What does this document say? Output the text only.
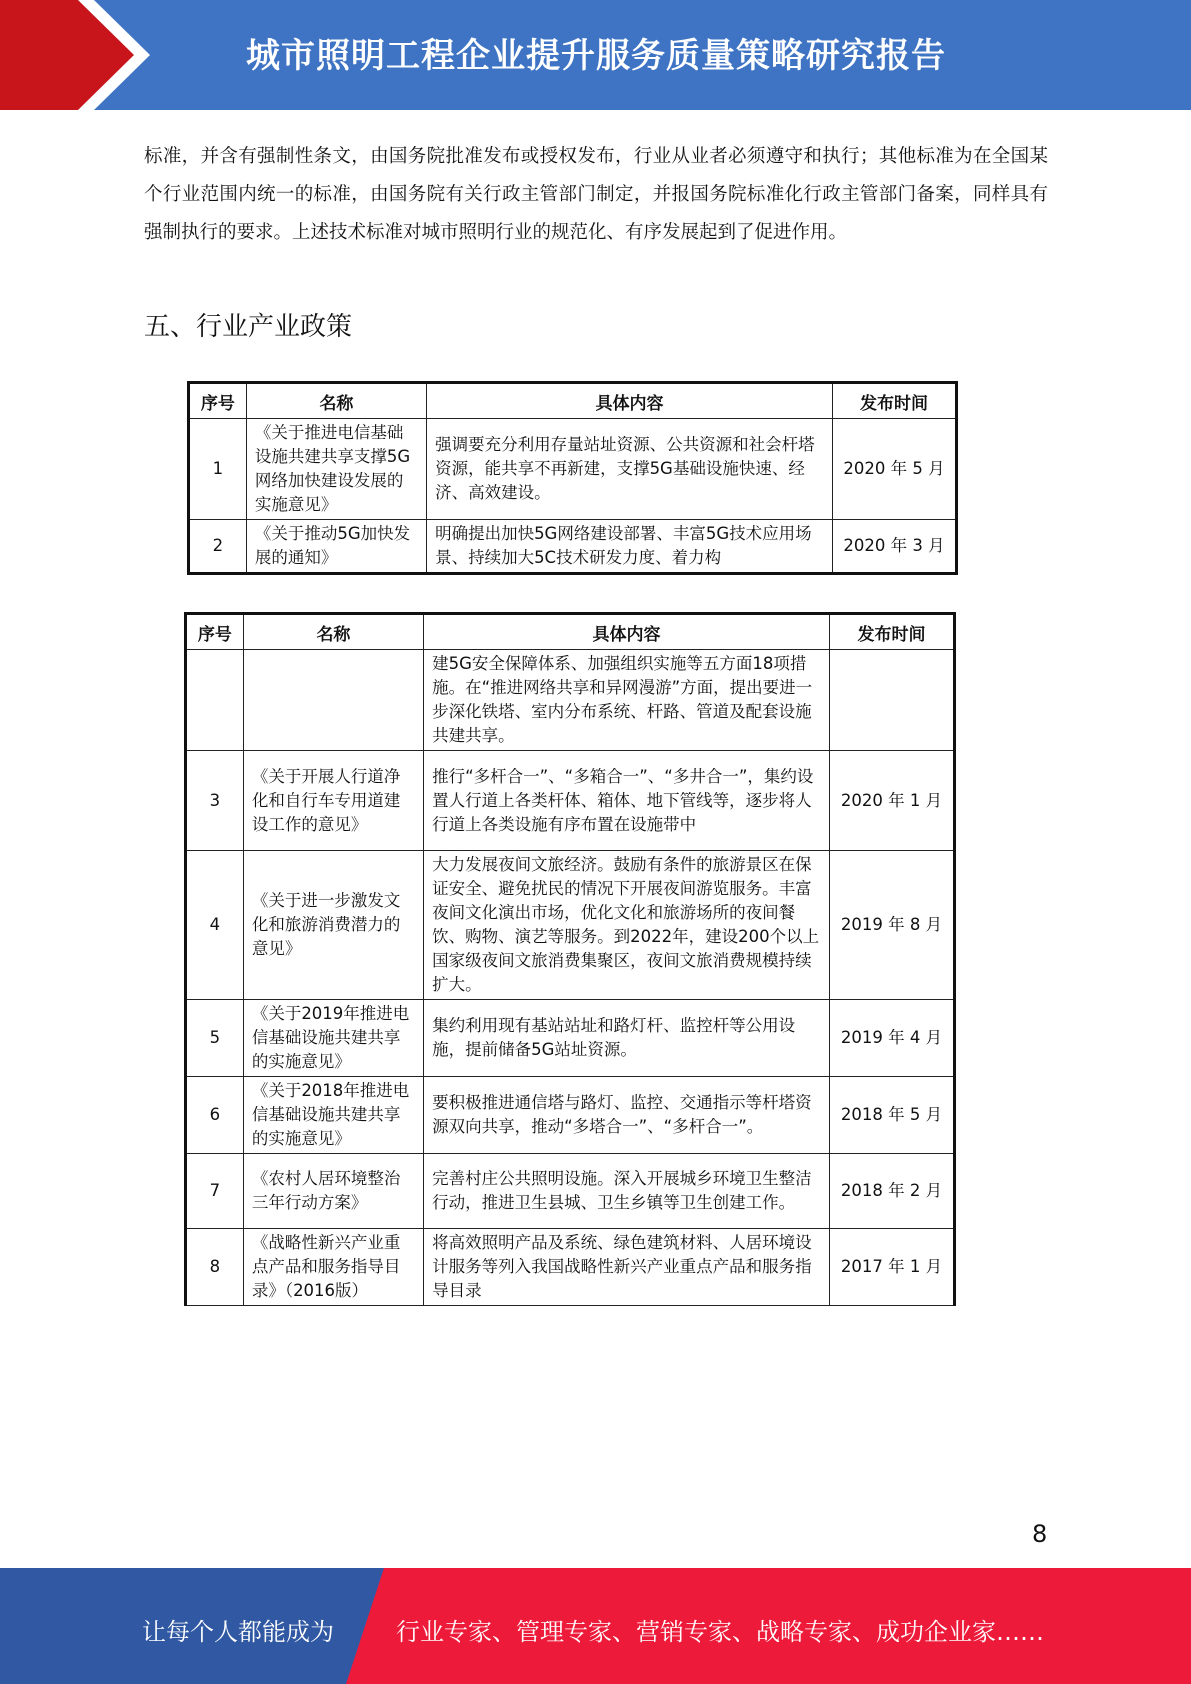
城市照明工程企业提升服务质量策略研究报告

标准，并含有强制性条文，由国务院批准发布或授权发布，行业从业者必须遵守和执行；其他标准为在全国某个行业范围内统一的标准，由国务院有关行政主管部门制定，并报国务院标准化行政主管部门备案，同样具有强制执行的要求。上述技术标准对城市照明行业的规范化、有序发展起到了促进作用。

五、行业产业政策
序号	名称	具体内容	发布时间
1	《关于推进电信基础设施共建共享支撑5G网络加快建设发展的实施意见》	强调要充分利用存量站址资源、公共资源和社会杆塔资源，能共享不再新建，支撑5G基础设施快速、经济、高效建设。	2020 年 5 月
2	《关于推动5G加快发展的通知》	明确提出加快5G网络建设部署、丰富5G技术应用场景、持续加大5C技术研发力度、着力构	2020 年 3 月
序号	名称	具体内容	发布时间
		建5G安全保障体系、加强组织实施等五方面18项措施。在“推进网络共享和异网漫游”方面，提出要进一步深化铁塔、室内分布系统、杆路、管道及配套设施共建共享。	
3	《关于开展人行道净化和自行车专用道建设工作的意见》	推行“多杆合一”、“多箱合一”、“多井合一”，集约设置人行道上各类杆体、箱体、地下管线等，逐步将人行道上各类设施有序布置在设施带中	2020 年 1 月
4	《关于进一步激发文化和旅游消费潜力的意见》	大力发展夜间文旅经济。鼓励有条件的旅游景区在保证安全、避免扰民的情况下开展夜间游览服务。丰富夜间文化演出市场，优化文化和旅游场所的夜间餐饮、购物、演艺等服务。到2022年，建设200个以上国家级夜间文旅消费集聚区，夜间文旅消费规模持续扩大。	2019 年 8 月
5	《关于2019年推进电信基础设施共建共享的实施意见》	集约利用现有基站站址和路灯杆、监控杆等公用设施，提前储备5G站址资源。	2019 年 4 月
6	《关于2018年推进电信基础设施共建共享的实施意见》	要积极推进通信塔与路灯、监控、交通指示等杆塔资源双向共享，推动“多塔合一”、“多杆合一”。	2018 年 5 月
7	《农村人居环境整治三年行动方案》	完善村庄公共照明设施。深入开展城乡环境卫生整洁行动，推进卫生县城、卫生乡镇等卫生创建工作。	2018 年 2 月
8	《战略性新兴产业重点产品和服务指导目录》（2016版）	将高效照明产品及系统、绿色建筑材料、人居环境设计服务等列入我国战略性新兴产业重点产品和服务指导目录	2017 年 1 月
8
让每个人都能成为	行业专家、管理专家、营销专家、战略专家、成功企业家……
